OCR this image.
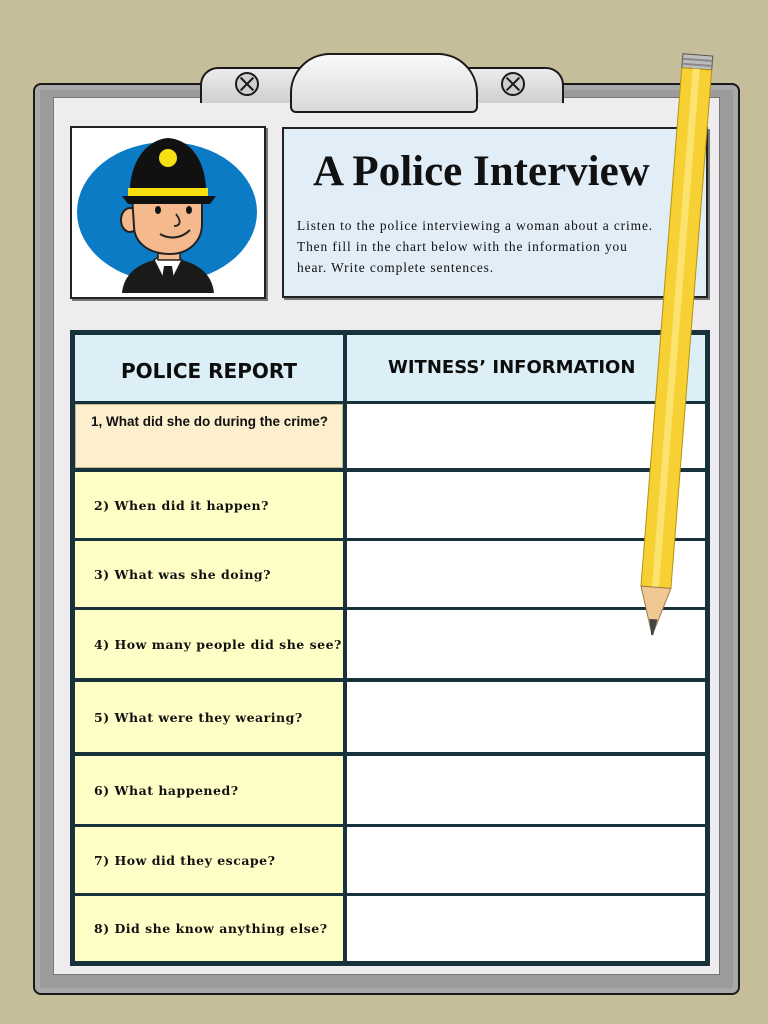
A Police Interview
Listen to the police interviewing a woman about a crime.
Then fill in the chart below with the information you
hear. Write complete sentences.
POLICE REPORT	WITNESS’ INFORMATION
1, What did she do during the crime?
2) When did it happen?
3) What was she doing?
4) How many people did she see?
5) What were they wearing?
6) What happened?
7) How did they escape?
8) Did she know anything else?
